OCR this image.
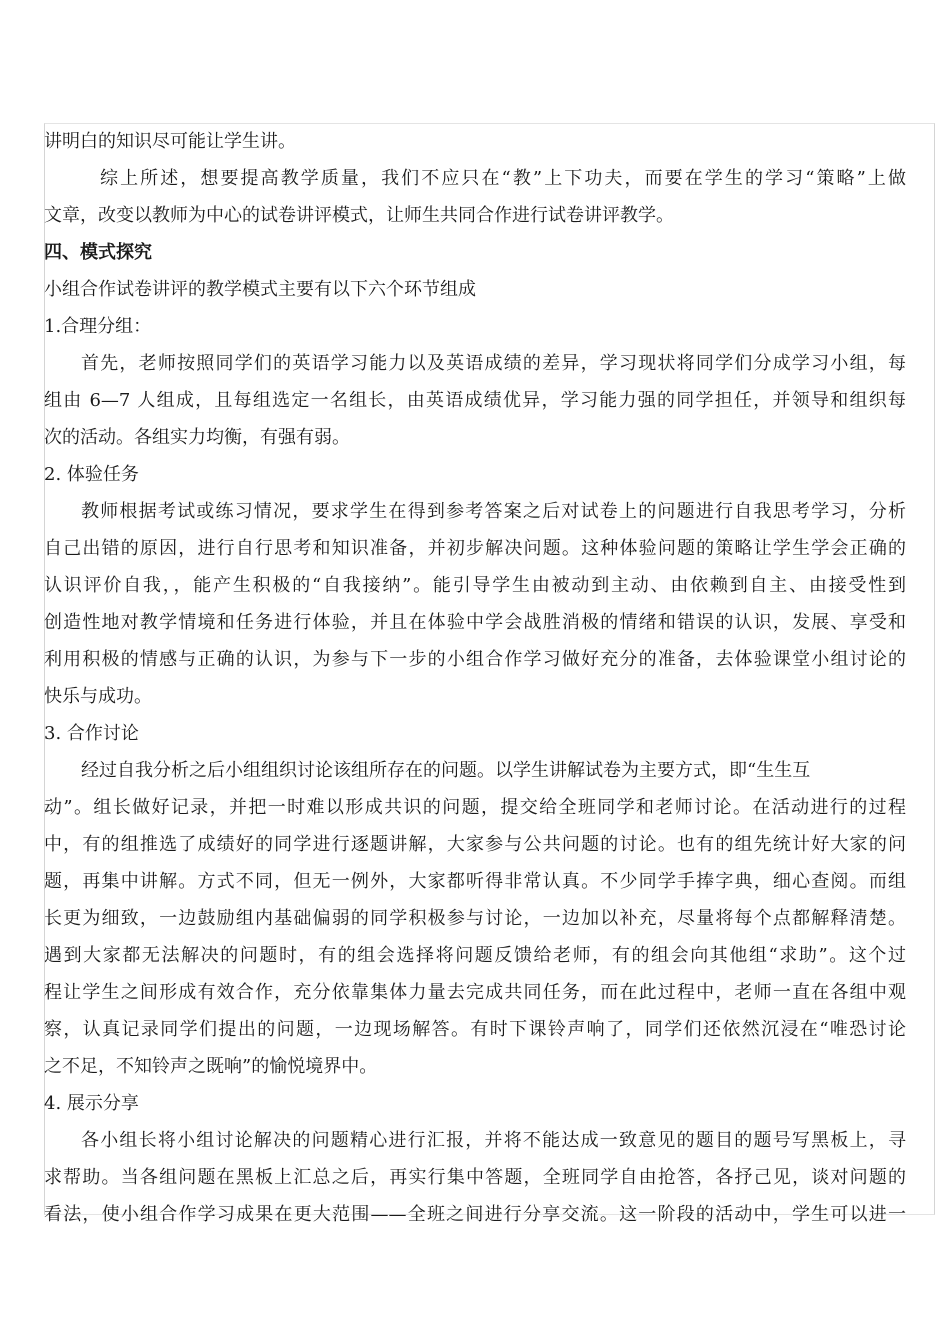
讲明白的知识尽可能让学生讲。
综上所述，想要提高教学质量，我们不应只在“教”上下功夫，而要在学生的学习“策略”上做
文章，改变以教师为中心的试卷讲评模式，让师生共同合作进行试卷讲评教学。
四、模式探究
小组合作试卷讲评的教学模式主要有以下六个环节组成
1.合理分组：
首先，老师按照同学们的英语学习能力以及英语成绩的差异，学习现状将同学们分成学习小组，每
组由 6—7 人组成，且每组选定一名组长，由英语成绩优异，学习能力强的同学担任，并领导和组织每
次的活动。各组实力均衡，有强有弱。
2. 体验任务
教师根据考试或练习情况，要求学生在得到参考答案之后对试卷上的问题进行自我思考学习，分析
自己出错的原因，进行自行思考和知识准备，并初步解决问题。这种体验问题的策略让学生学会正确的
认识评价自我，，能产生积极的“自我接纳”。能引导学生由被动到主动、由依赖到自主、由接受性到
创造性地对教学情境和任务进行体验，并且在体验中学会战胜消极的情绪和错误的认识，发展、享受和
利用积极的情感与正确的认识，为参与下一步的小组合作学习做好充分的准备，去体验课堂小组讨论的
快乐与成功。
3. 合作讨论
经过自我分析之后小组组织讨论该组所存在的问题。以学生讲解试卷为主要方式，即“生生互
动”。组长做好记录，并把一时难以形成共识的问题，提交给全班同学和老师讨论。在活动进行的过程
中，有的组推选了成绩好的同学进行逐题讲解，大家参与公共问题的讨论。也有的组先统计好大家的问
题，再集中讲解。方式不同，但无一例外，大家都听得非常认真。不少同学手捧字典，细心查阅。而组
长更为细致，一边鼓励组内基础偏弱的同学积极参与讨论，一边加以补充，尽量将每个点都解释清楚。
遇到大家都无法解决的问题时，有的组会选择将问题反馈给老师，有的组会向其他组“求助”。这个过
程让学生之间形成有效合作，充分依靠集体力量去完成共同任务，而在此过程中，老师一直在各组中观
察，认真记录同学们提出的问题，一边现场解答。有时下课铃声响了，同学们还依然沉浸在“唯恐讨论
之不足，不知铃声之既响”的愉悦境界中。
4. 展示分享
各小组长将小组讨论解决的问题精心进行汇报，并将不能达成一致意见的题目的题号写黑板上，寻
求帮助。当各组问题在黑板上汇总之后，再实行集中答题，全班同学自由抢答，各抒己见，谈对问题的
看法，使小组合作学习成果在更大范围——全班之间进行分享交流。这一阶段的活动中，学生可以进一
